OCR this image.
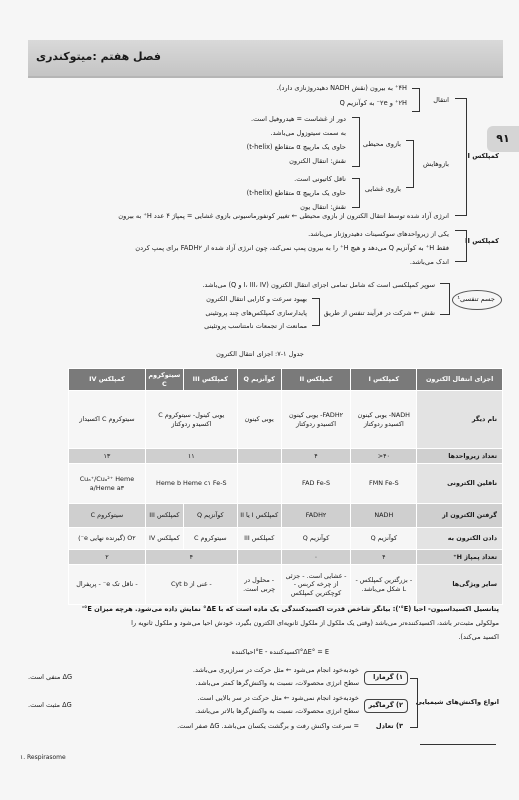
فصل هفتم :میتوکندری
۹۱
کمپلکس I
انتقال
۴H⁺ به بیرون (نقش NADH دهیدروژنازی دارد).
۲H⁺ و ۲e⁻ به کوآنزیم Q
بازوهایش
بازوی محیطی
دور از غشاست = هیدروفیل است.
به سمت سیتوزول می‌باشد.
حاوی یک مارپیچ α متقاطع (t-helix)
نقش: انتقال الکترون
بازوی غشایی
ناقل کاتیونی است.
حاوی یک مارپیچ α متقاطع (t-helix)
نقش: انتقال یون
انرژی آزاد شده توسط انتقال الکترون از بازوی محیطی ← تغییر کونفورماسیونی بازوی غشایی = پمپاژ ۴ عدد H⁺ به بیرون
کمپلکس II
یکی از زیرواحدهای سوکسینات دهیدروژناز می‌باشد.
فقط H⁺ به کوآنزیم Q می‌دهد و هیچ H⁺ را به بیرون پمپ نمی‌کند، چون انرژی آزاد شده از FADH۲ برای پمپ کردن
اندک می‌باشد.
جسم تنفسی¹
سوپر کمپلکسی است که شامل تمامی اجزای انتقال الکترون (I، III، IV و Q) می‌باشد.
نقش ← شرکت در فرآیند تنفس از طریق
بهبود سرعت و کارایی انتقال الکترون
پایدارسازی کمپلکس‌های چند پروتئینی
ممانعت از تجمعات نامتناسب پروتئینی
جدول ۱-۷: اجزای انتقال الکترون
اجزای انتقال الکترون	کمپلکس I	کمپلکس II	کوآنزیم Q	کمپلکس III	سیتوکروم C	کمپلکس IV
نام دیگر	NADH- یوبی کینون اکسیدو ردوکتاز	FADH۲- یوبی کینون اکسیدو ردوکتاز	یوبی کینون	یوبی کینول- سیتوکروم C اکسیدو ردوکتاز		سیتوکروم C اکسیداز
تعداد زیرواحدها	۴۰<	۴		۱۱		۱۳
ناقلین الکترونی	FMN Fe-S	FAD Fe-S		Heme b Heme c۱ Fe-S		Cuₐ⁺/Cuₐ²⁺ Heme a/Heme a۳
گرفتن الکترون از	NADH	FADH۲	کمپلکس I یا II	کوآنزیم Q	کمپلکس III	سیتوکروم C
دادن الکترون به	کوآنزیم Q	کوآنزیم Q	کمپلکس III	سیتوکروم C	کمپلکس IV	O۲ (گیرنده نهایی e⁻)
تعداد پمپاژ H⁺	۴	۰		۴		۲
سایر ویژگی‌ها	- بزرگترین کمپلکس - L شکل می‌باشد.	- غشایی است. - جزئی از چرخه کربس - کوچکترین کمپلکس	- محلول در چربی است.	- غنی از Cyt b		- ناقل تک e⁻ - پریفرال
پتانسیل اکسیداسیون- احیا (E°'): بیانگر شاخص قدرت اکسیدکنندگی یک ماده است که با ΔE° نمایش داده می‌شود. هرچه میزان E°'
مولکولی مثبت‌تر باشد، اکسیدکننده‌تر می‌باشد (وقتی یک ملکول از ملکول ثانویه‌ای الکترون بگیرد، خودش احیا می‌شود و ملکول ثانویه را
اکسید می‌کند).
ΔE° = E°اکسیدکننده - E°احیاکننده
انواع واکنش‌های شیمیایی
۱) گرمازا
خودبه‌خود انجام می‌شود ← مثل حرکت در سرازیری می‌باشد.
سطح انرژی محصولات، نسبت به واکنش‌گرها کمتر می‌باشد.
ΔG منفی است.
۲) گرماگیر
خودبه‌خود انجام نمی‌شود ← مثل حرکت در سر بالایی است.
سطح انرژی محصولات، نسبت به واکنش‌گرها بالاتر می‌باشد.
ΔG مثبت است.
۳) تعادل
= سرعت واکنش رفت و برگشت یکسان می‌باشد. ΔG صفر است.
۱. Respirasome
